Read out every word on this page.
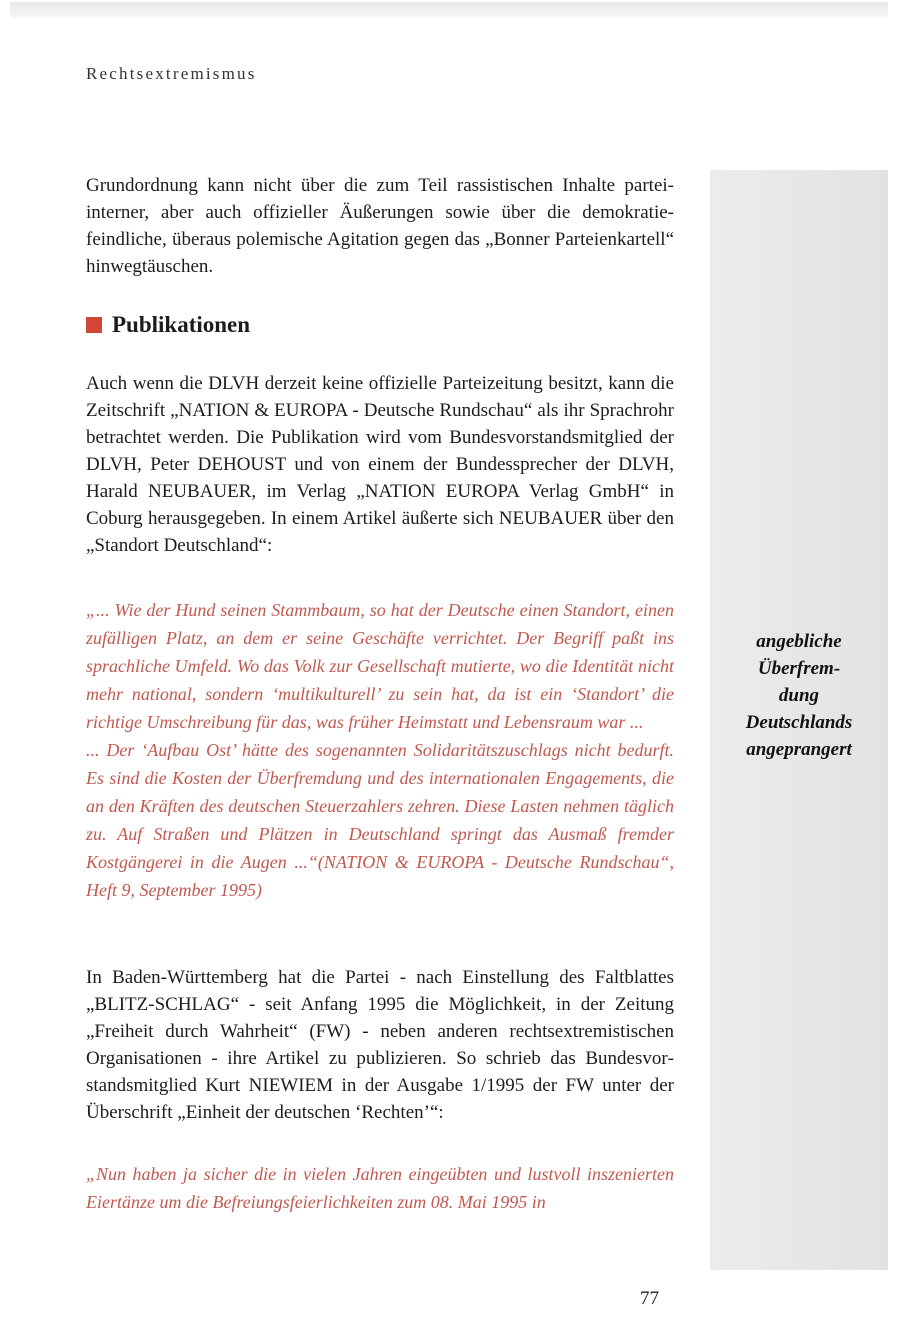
Rechtsextremismus
angebliche
Überfrem-
dung
Deutschlands
angeprangert
Grundordnung kann nicht über die zum Teil rassistischen Inhalte parteiinterner, aber auch offizieller Äußerungen sowie über die demokratiefeindliche, überaus polemische Agitation gegen das „Bonner Parteienkartell“ hinwegtäuschen.
Publikationen
Auch wenn die DLVH derzeit keine offizielle Parteizeitung besitzt, kann die Zeitschrift „NATION & EUROPA - Deutsche Rundschau“ als ihr Sprachrohr betrachtet werden. Die Publikation wird vom Bundesvorstandsmitglied der DLVH, Peter DEHOUST und von einem der Bundessprecher der DLVH, Harald NEUBAUER, im Verlag „NATION EUROPA Verlag GmbH“ in Coburg herausgegeben. In einem Artikel äußerte sich NEUBAUER über den „Standort Deutschland“:

„... Wie der Hund seinen Stammbaum, so hat der Deutsche einen Standort, einen zufälligen Platz, an dem er seine Geschäfte verrichtet. Der Begriff paßt ins sprachliche Umfeld. Wo das Volk zur Gesellschaft mutierte, wo die Identität nicht mehr national, sondern ‘multikulturell’ zu sein hat, da ist ein ‘Standort’ die richtige Umschreibung für das, was früher Heimstatt und Lebensraum war ...

... Der ‘Aufbau Ost’ hätte des sogenannten Solidaritätszuschlags nicht bedurft. Es sind die Kosten der Überfremdung und des internationalen Engagements, die an den Kräften des deutschen Steuerzahlers zehren. Diese Lasten nehmen täglich zu. Auf Straßen und Plätzen in Deutschland springt das Ausmaß fremder Kostgängerei in die Augen ...“(NATION & EUROPA - Deutsche Rundschau“, Heft 9, September 1995)

In Baden-Württemberg hat die Partei - nach Einstellung des Faltblattes „BLITZ-SCHLAG“ - seit Anfang 1995 die Möglichkeit, in der Zeitung „Freiheit durch Wahrheit“ (FW) - neben anderen rechtsextremistischen Organisationen - ihre Artikel zu publizieren. So schrieb das Bundesvorstandsmitglied Kurt NIEWIEM in der Ausgabe 1/1995 der FW unter der Überschrift „Einheit der deutschen ‘Rechten’“:
„Nun haben ja sicher die in vielen Jahren eingeübten und lustvoll inszenierten Eiertänze um die Befreiungsfeierlichkeiten zum 08. Mai 1995 in
77
